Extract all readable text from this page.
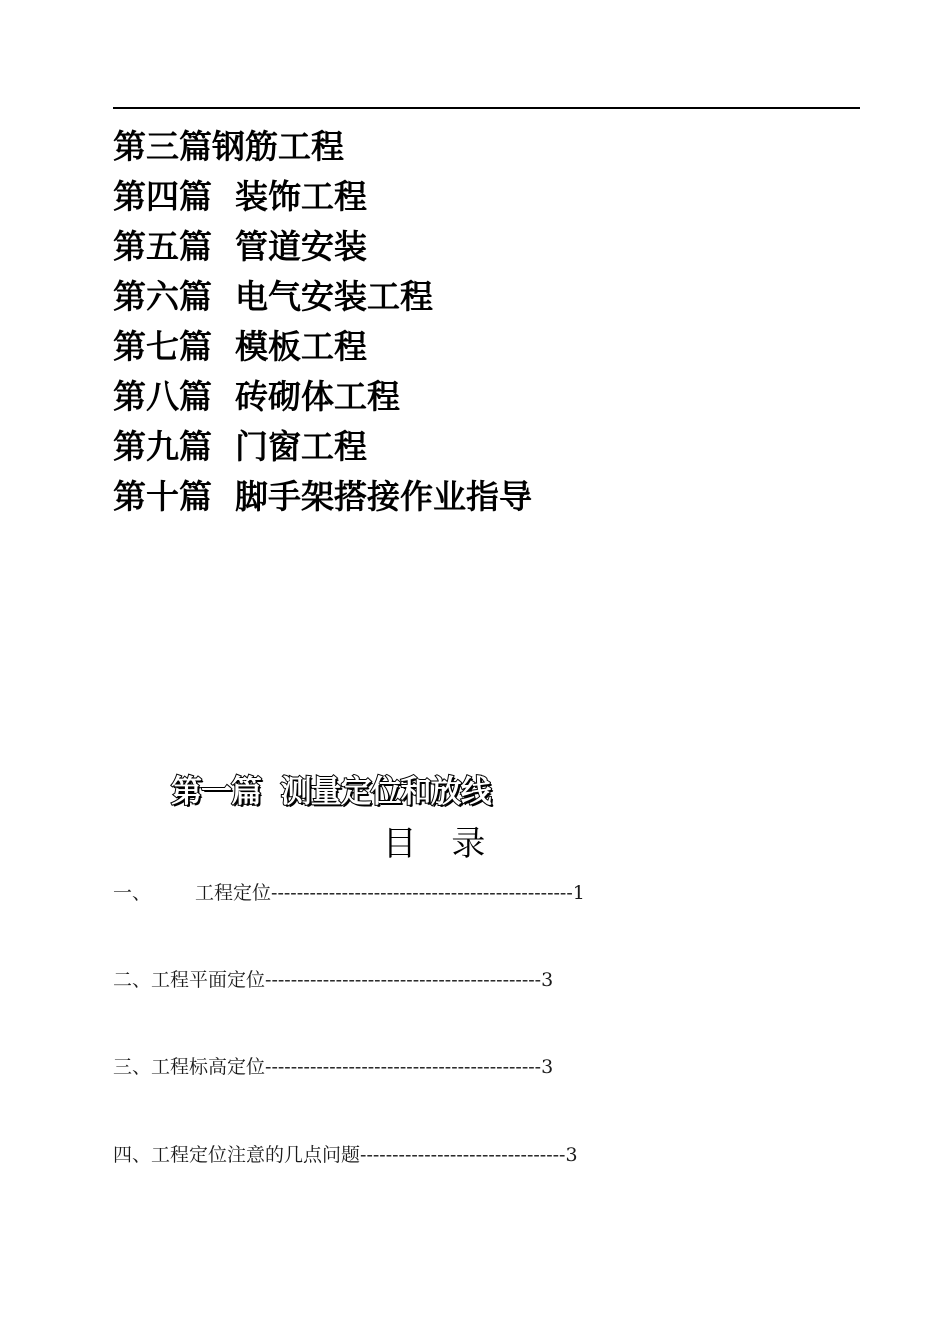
第三篇钢筋工程
第四篇  装饰工程
第五篇  管道安装
第六篇  电气安装工程
第七篇  模板工程
第八篇  砖砌体工程
第九篇  门窗工程
第十篇  脚手架搭接作业指导
第一篇  测量定位和放线
目 录
一、 工程定位-----------------------------------------------1
二、工程平面定位-------------------------------------------3
三、工程标高定位-------------------------------------------3
四、工程定位注意的几点问题--------------------------------3
